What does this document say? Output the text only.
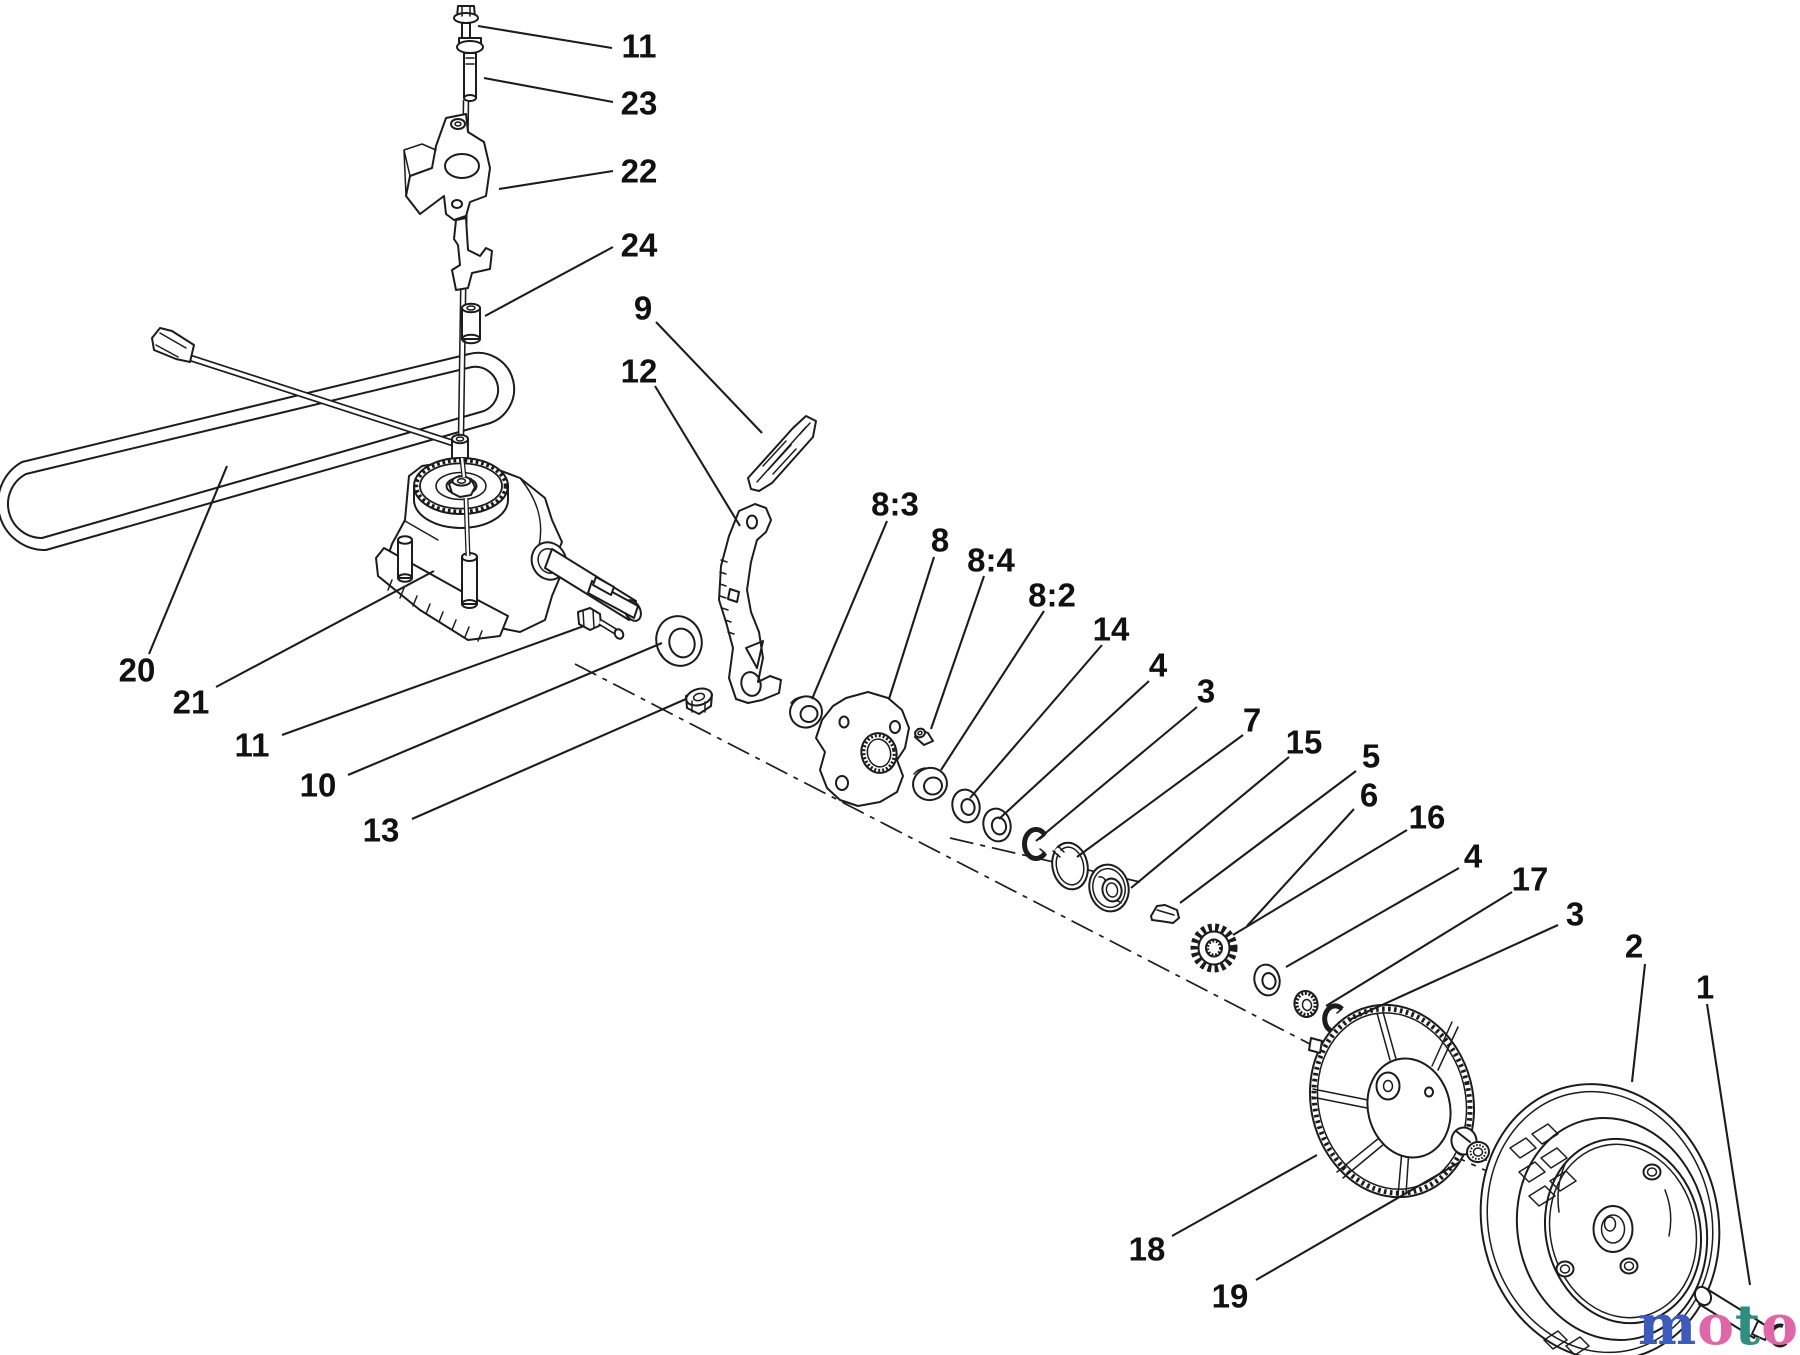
moto
11
23
22
24
9
12
8:3
8
8:4
8:2
14
4
3
7
15 5
6
16
4
17
3
2
1
18
19
20
21
11
10
13
